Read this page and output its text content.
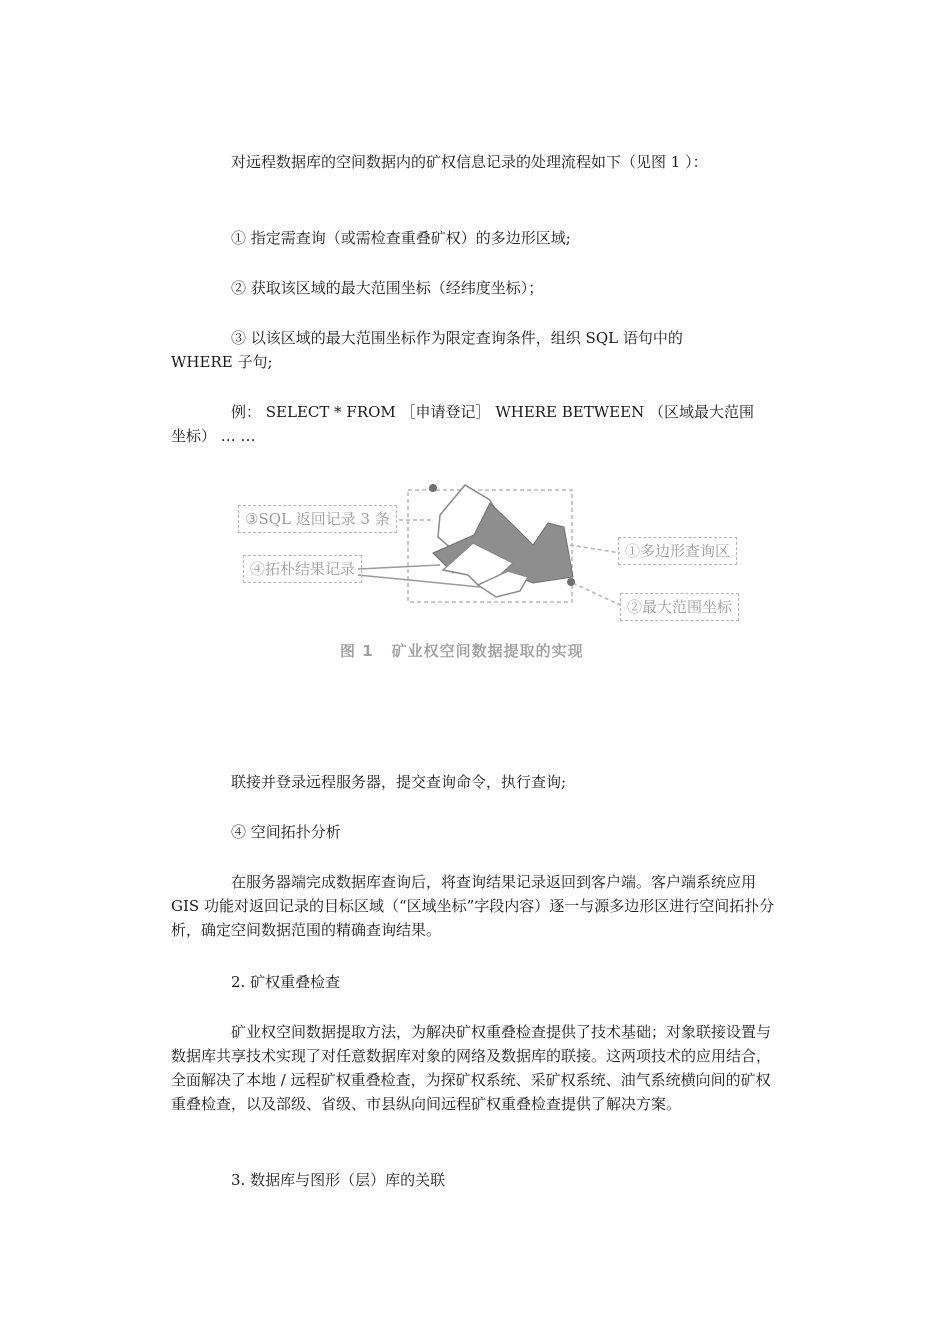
对远程数据库的空间数据内的矿权信息记录的处理流程如下（见图 1 ）：

① 指定需查询（或需检查重叠矿权）的多边形区域;

② 获取该区域的最大范围坐标（经纬度坐标）；

③ 以该区域的最大范围坐标作为限定查询条件，组织 SQL 语句中的 WHERE 子句;

例： SELECT * FROM ［申请登记］ WHERE BETWEEN （区域最大范围坐标） … …

③SQL 返回记录 3 条
④拓朴结果记录
①多边形查询区
②最大范围坐标
图 1 矿业权空间数据提取的实现

联接并登录远程服务器，提交查询命令，执行查询;

④ 空间拓扑分析

在服务器端完成数据库查询后，将查询结果记录返回到客户端。客户端系统应用 GIS 功能对返回记录的目标区域（“区域坐标”字段内容）逐一与源多边形区进行空间拓扑分析，确定空间数据范围的精确查询结果。

2. 矿权重叠检查

矿业权空间数据提取方法，为解决矿权重叠检查提供了技术基础；对象联接设置与数据库共享技术实现了对任意数据库对象的网络及数据库的联接。这两项技术的应用结合，全面解决了本地 / 远程矿权重叠检查，为探矿权系统、采矿权系统、油气系统横向间的矿权重叠检查，以及部级、省级、市县纵向间远程矿权重叠检查提供了解决方案。

3. 数据库与图形（层）库的关联
